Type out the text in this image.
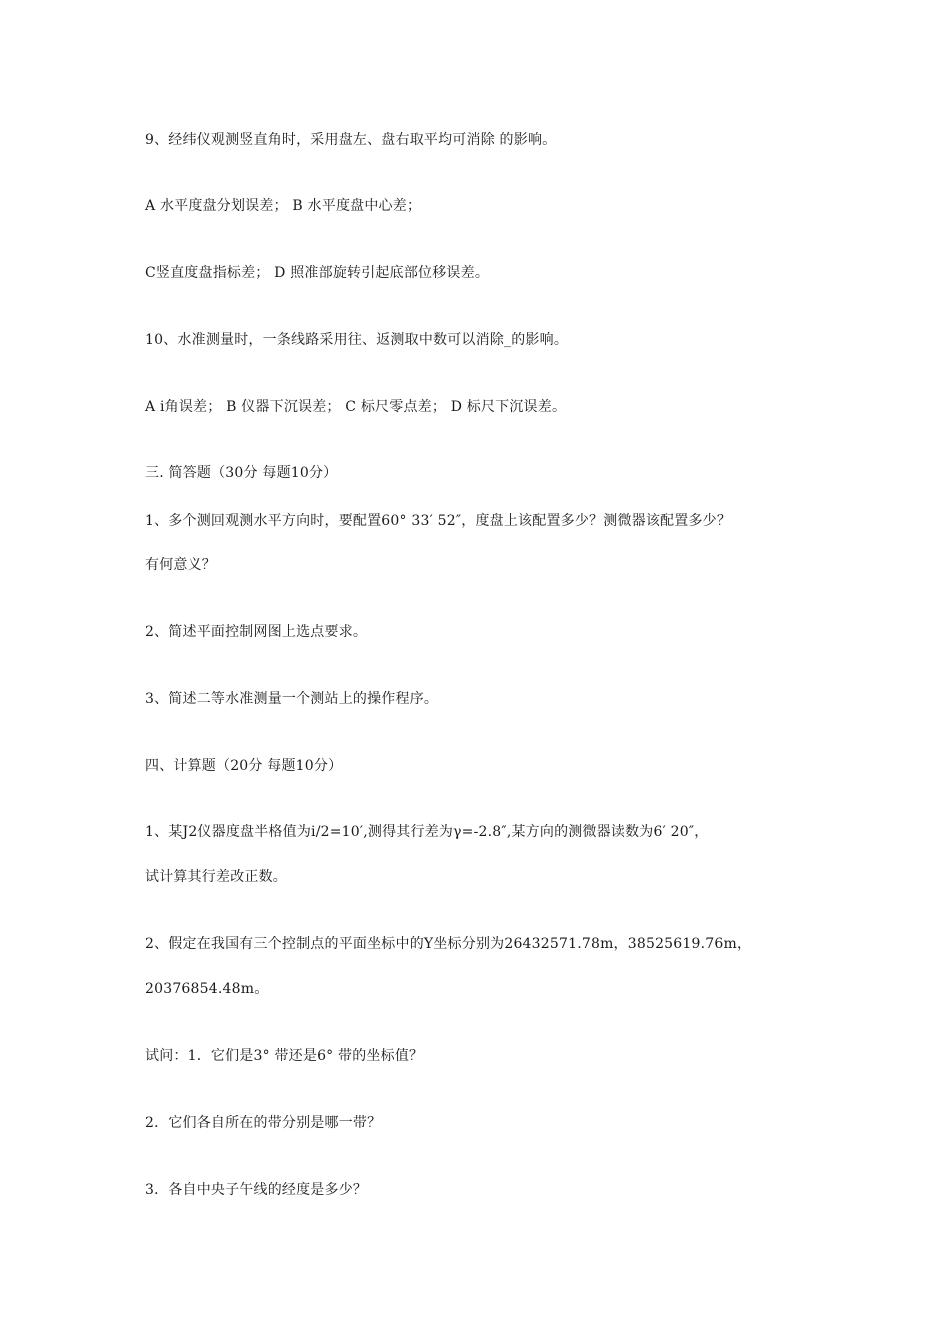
9、经纬仪观测竖直角时，采用盘左、盘右取平均可消除 的影响。

A 水平度盘分划误差； B 水平度盘中心差；

C竖直度盘指标差； D 照准部旋转引起底部位移误差。

10、水准测量时，一条线路采用往、返测取中数可以消除_的影响。

A i角误差； B 仪器下沉误差； C 标尺零点差； D 标尺下沉误差。

三. 简答题（30分 每题10分）

1、多个测回观测水平方向时，要配置60° 33′ 52″，度盘上该配置多少？测微器该配置多少？

有何意义？

2、简述平面控制网图上选点要求。

3、简述二等水准测量一个测站上的操作程序。

四、计算题（20分 每题10分）

1、某J2仪器度盘半格值为i/2=10′,测得其行差为γ=-2.8″,某方向的测微器读数为6′ 20″，

试计算其行差改正数。

2、假定在我国有三个控制点的平面坐标中的Y坐标分别为26432571.78m，38525619.76m，

20376854.48m。

试问：1．它们是3° 带还是6° 带的坐标值？

2．它们各自所在的带分别是哪一带？

3．各自中央子午线的经度是多少？
